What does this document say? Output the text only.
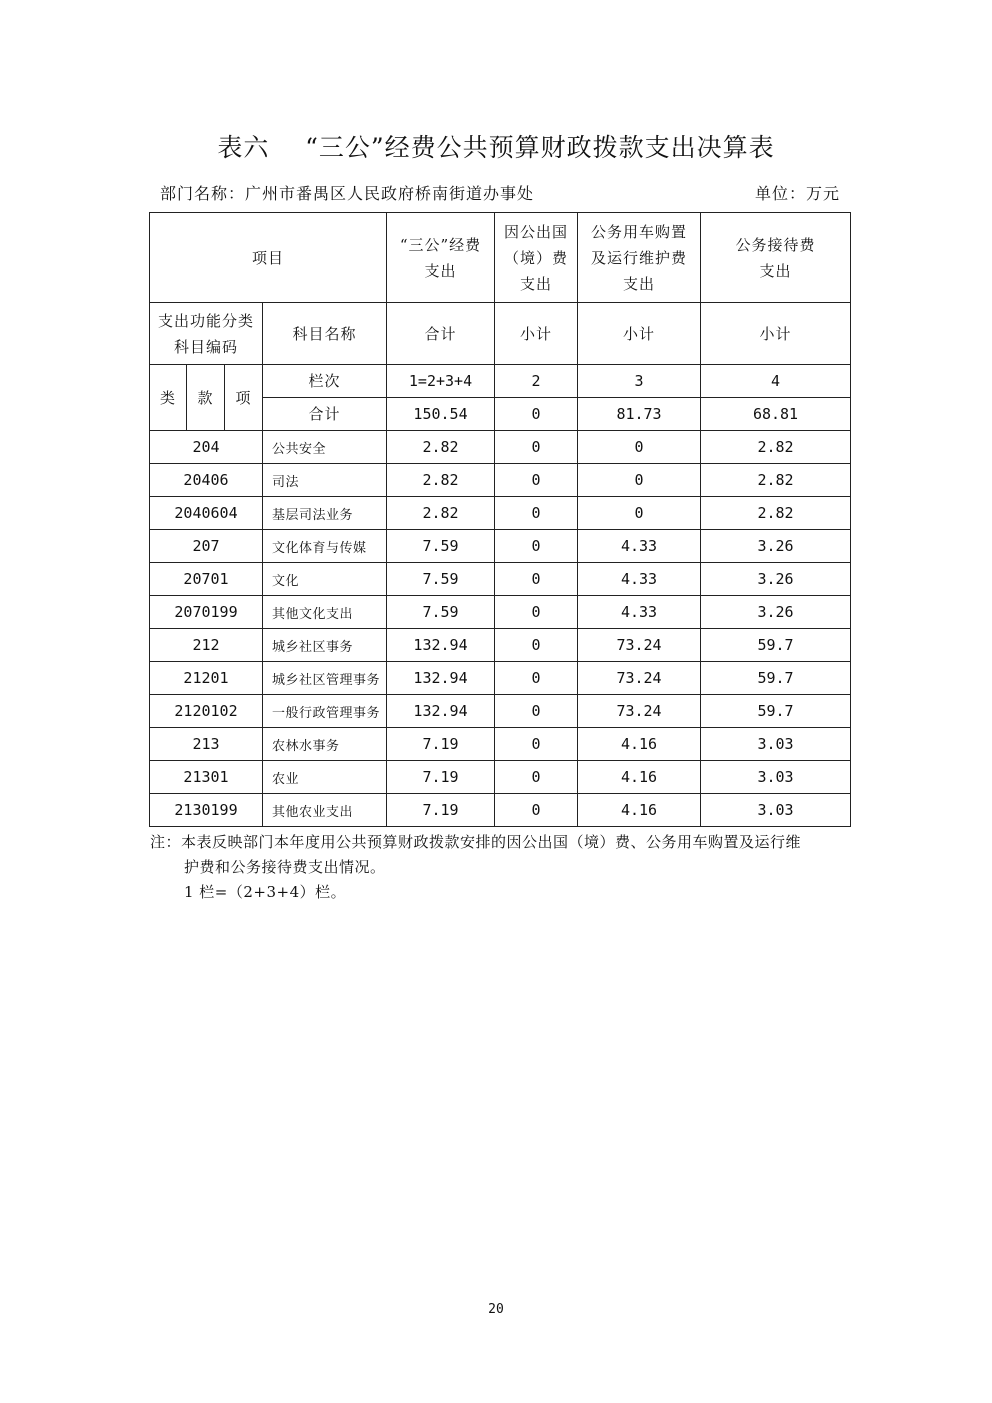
表六    “三公”经费公共预算财政拨款支出决算表
部门名称：广州市番禺区人民政府桥南街道办事处	单位：万元
项目				“三公”经费支出	因公出国（境）费 支出	公务用车购置及运行维护费支出	公务接待费支出
支出功能分类科目编码			科目名称	合计	小计	小计	小计
类	款	项	栏次	1=2+3+4	2	3	4
			合计	150.54	0	81.73	68.81
204			公共安全	2.82	0	0	2.82
20406			司法	2.82	0	0	2.82
2040604			基层司法业务	2.82	0	0	2.82
207			文化体育与传媒	7.59	0	4.33	3.26
20701			文化	7.59	0	4.33	3.26
2070199			其他文化支出	7.59	0	4.33	3.26
212			城乡社区事务	132.94	0	73.24	59.7
21201			城乡社区管理事务	132.94	0	73.24	59.7
2120102			一般行政管理事务	132.94	0	73.24	59.7
213			农林水事务	7.19	0	4.16	3.03
21301			农业	7.19	0	4.16	3.03
2130199			其他农业支出	7.19	0	4.16	3.03
注：本表反映部门本年度用公共预算财政拨款安排的因公出国（境）费、公务用车购置及运行维
护费和公务接待费支出情况。
1 栏=（2+3+4）栏。
20
